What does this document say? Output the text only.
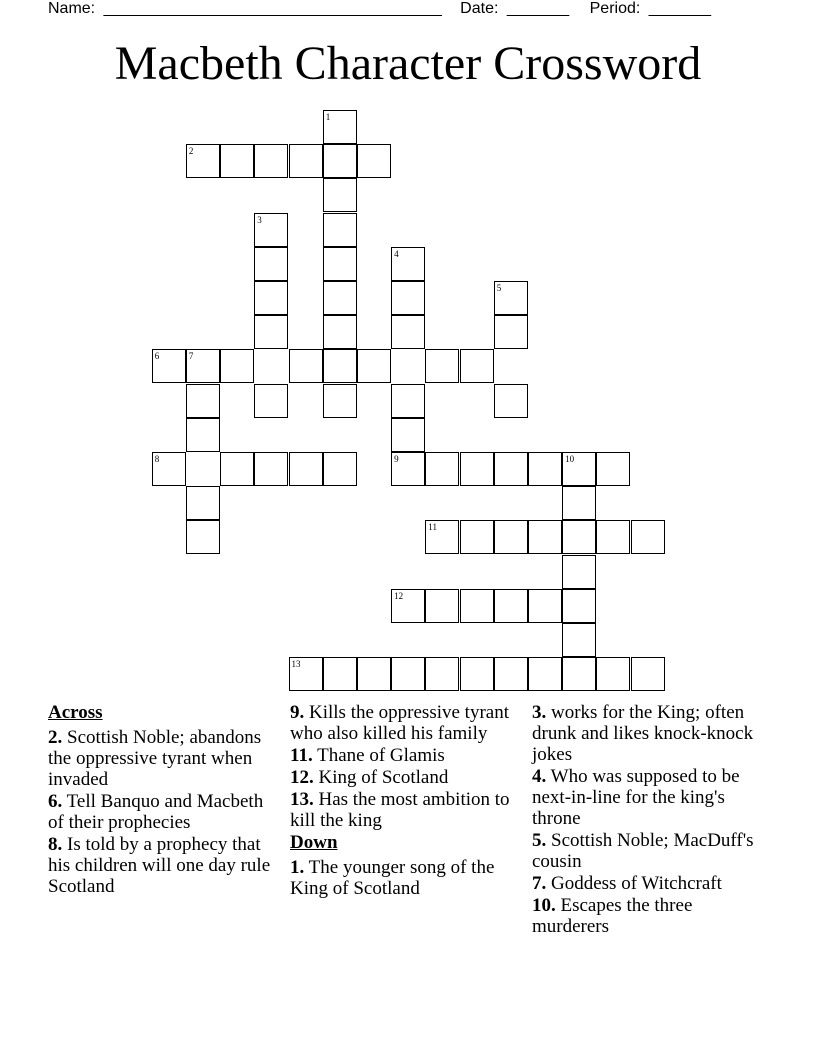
Name: ______________________________________ Date: _______ Period: _______
Macbeth Character Crossword
1
2
3
4
5
6	7
8	9	10
11
12
13
Across
2. Scottish Noble; abandons the oppressive tyrant when invaded
6. Tell Banquo and Macbeth of their prophecies
8. Is told by a prophecy that his children will one day rule Scotland
9. Kills the oppressive tyrant who also killed his family
11. Thane of Glamis
12. King of Scotland
13. Has the most ambition to kill the king
Down
1. The younger song of the King of Scotland
3. works for the King; often drunk and likes knock-knock jokes
4. Who was supposed to be next-in-line for the king's throne
5. Scottish Noble; MacDuff's cousin
7. Goddess of Witchcraft
10. Escapes the three murderers
